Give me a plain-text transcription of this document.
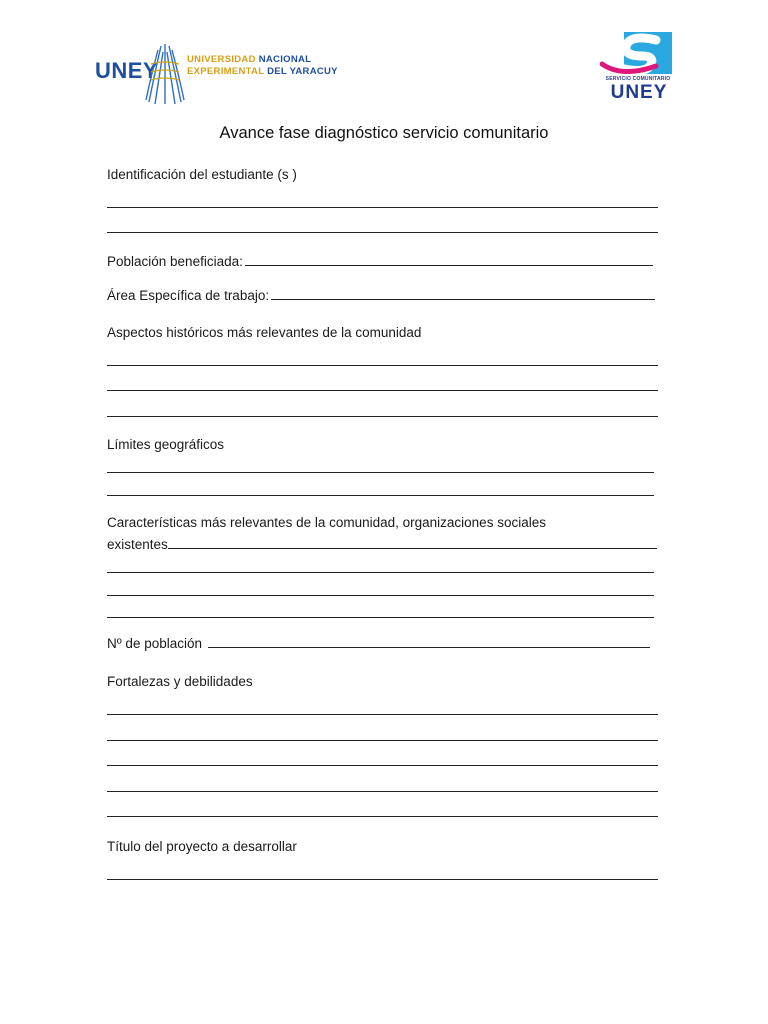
UNEY	UNIVERSIDAD NACIONAL
EXPERIMENTAL DEL YARACUY
SERVICIO COMUNITARIO
UNEY
Avance fase diagnóstico servicio comunitario
Identificación del estudiante (s )
Población beneficiada:
Área Específica de trabajo:
Aspectos históricos más relevantes de la comunidad
Límites geográficos
Características más relevantes de la comunidad, organizaciones sociales
existentes
Nº de población
Fortalezas y debilidades
Título del proyecto a desarrollar
